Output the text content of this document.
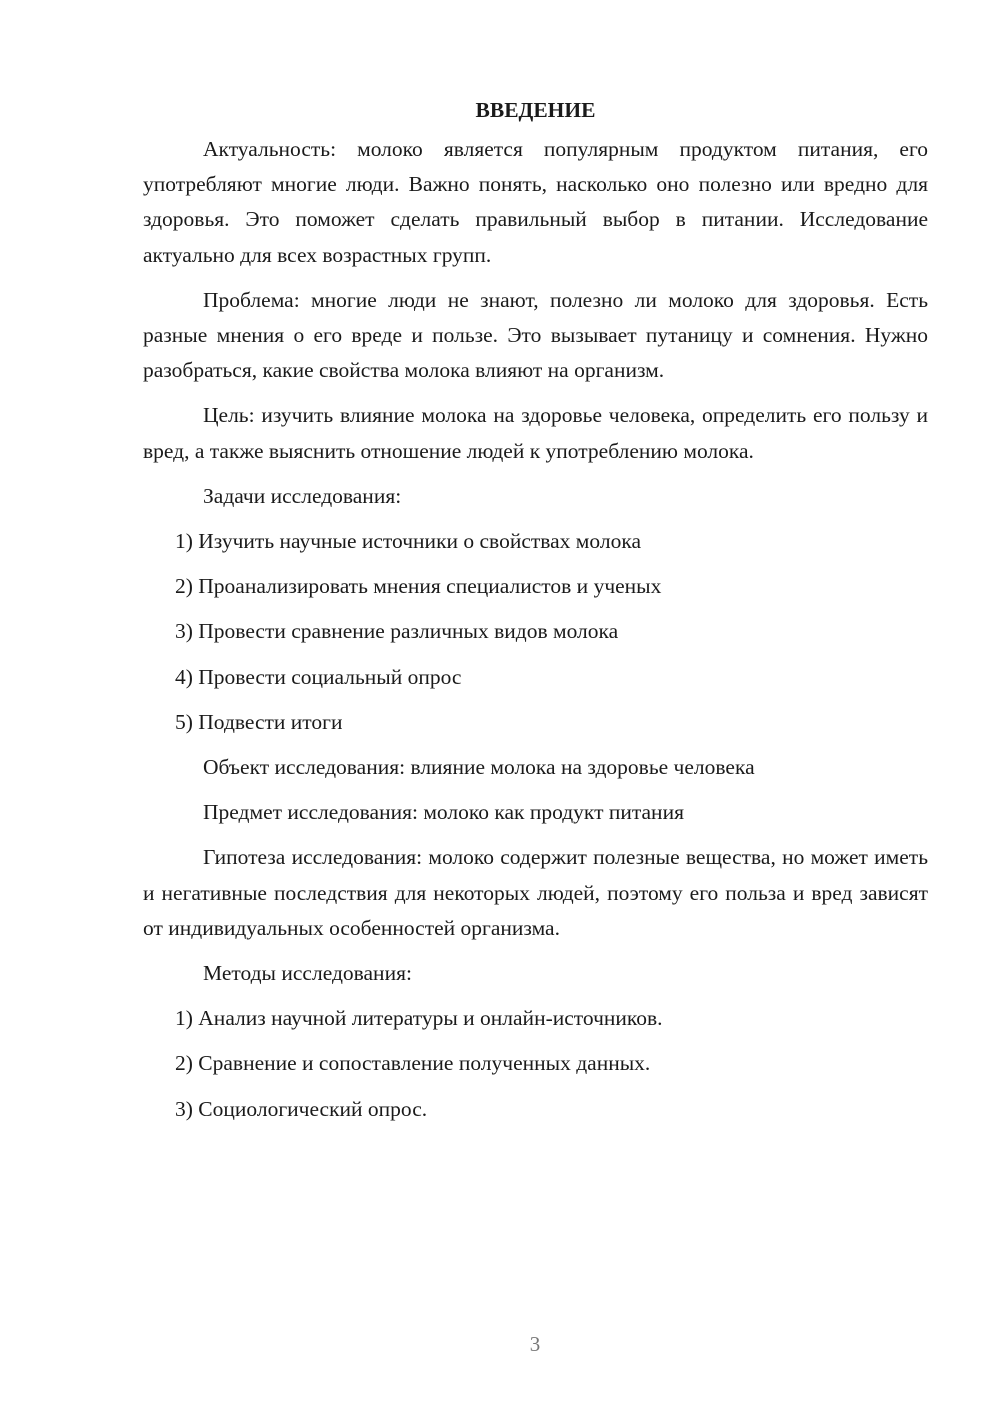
ВВЕДЕНИЕ

Актуальность: молоко является популярным продуктом питания, его употребляют многие люди. Важно понять, насколько оно полезно или вредно для здоровья. Это поможет сделать правильный выбор в питании. Исследование актуально для всех возрастных групп.

Проблема: многие люди не знают, полезно ли молоко для здоровья. Есть разные мнения о его вреде и пользе. Это вызывает путаницу и сомнения. Нужно разобраться, какие свойства молока влияют на организм.

Цель: изучить влияние молока на здоровье человека, определить его пользу и вред, а также выяснить отношение людей к употреблению молока.

Задачи исследования:

1) Изучить научные источники о свойствах молока

2) Проанализировать мнения специалистов и ученых

3) Провести сравнение различных видов молока

4) Провести социальный опрос

5) Подвести итоги

Объект исследования: влияние молока на здоровье человека

Предмет исследования: молоко как продукт питания

Гипотеза исследования: молоко содержит полезные вещества, но может иметь и негативные последствия для некоторых людей, поэтому его польза и вред зависят от индивидуальных особенностей организма.

Методы исследования:

1) Анализ научной литературы и онлайн-источников.

2) Сравнение и сопоставление полученных данных.

3) Социологический опрос.

3
